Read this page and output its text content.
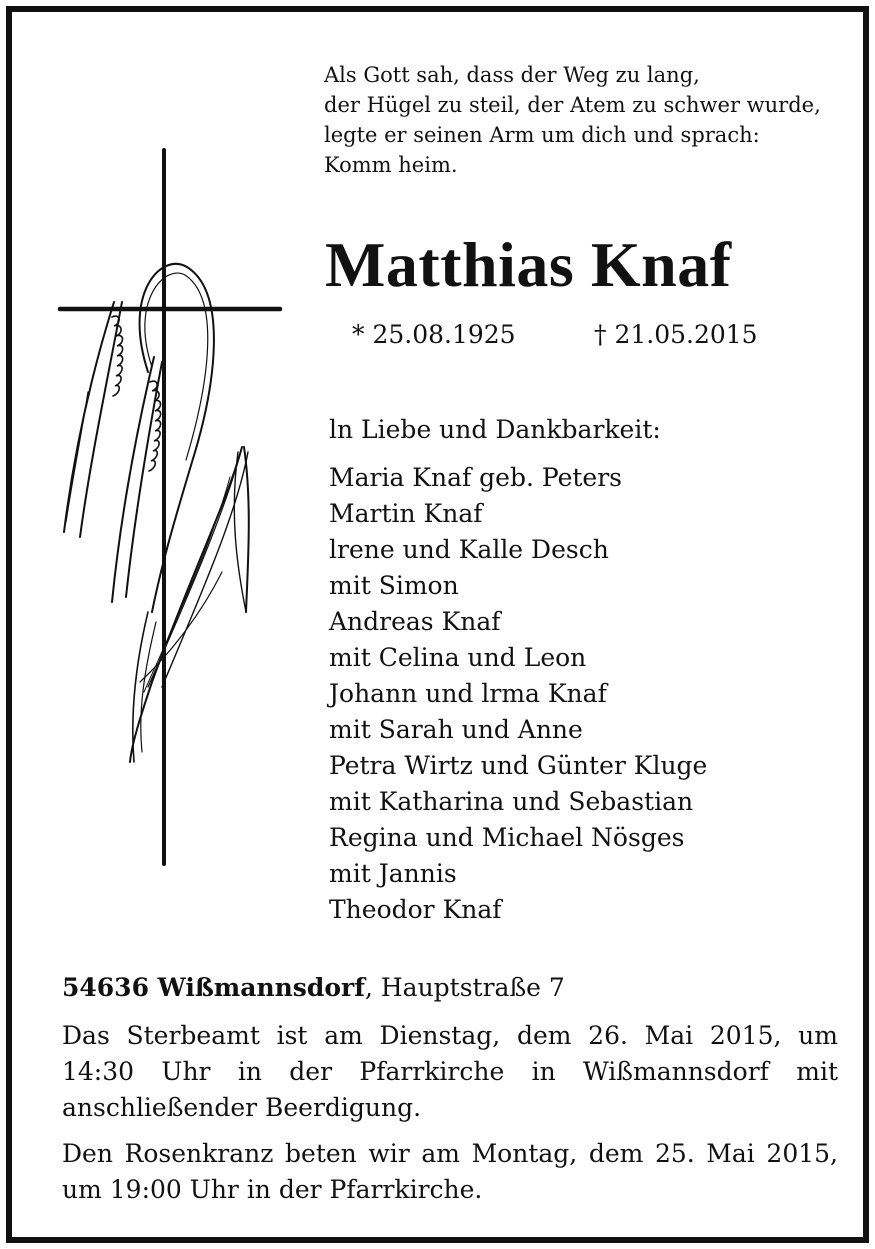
Als Gott sah, dass der Weg zu lang,
der Hügel zu steil, der Atem zu schwer wurde,
legte er seinen Arm um dich und sprach:
Komm heim.
Matthias Knaf
* 25.08.1925	† 21.05.2015

ln Liebe und Dankbarkeit:

Maria Knaf geb. Peters
Martin Knaf
lrene und Kalle Desch
mit Simon
Andreas Knaf
mit Celina und Leon
Johann und lrma Knaf
mit Sarah und Anne
Petra Wirtz und Günter Kluge
mit Katharina und Sebastian
Regina und Michael Nösges
mit Jannis
Theodor Knaf

54636 Wißmannsdorf, Hauptstraße 7

Das Sterbeamt ist am Dienstag, dem 26. Mai 2015, um 14:30 Uhr in der Pfarrkirche in Wißmannsdorf mit anschließender Beerdigung.

Den Rosenkranz beten wir am Montag, dem 25. Mai 2015, um 19:00 Uhr in der Pfarrkirche.
